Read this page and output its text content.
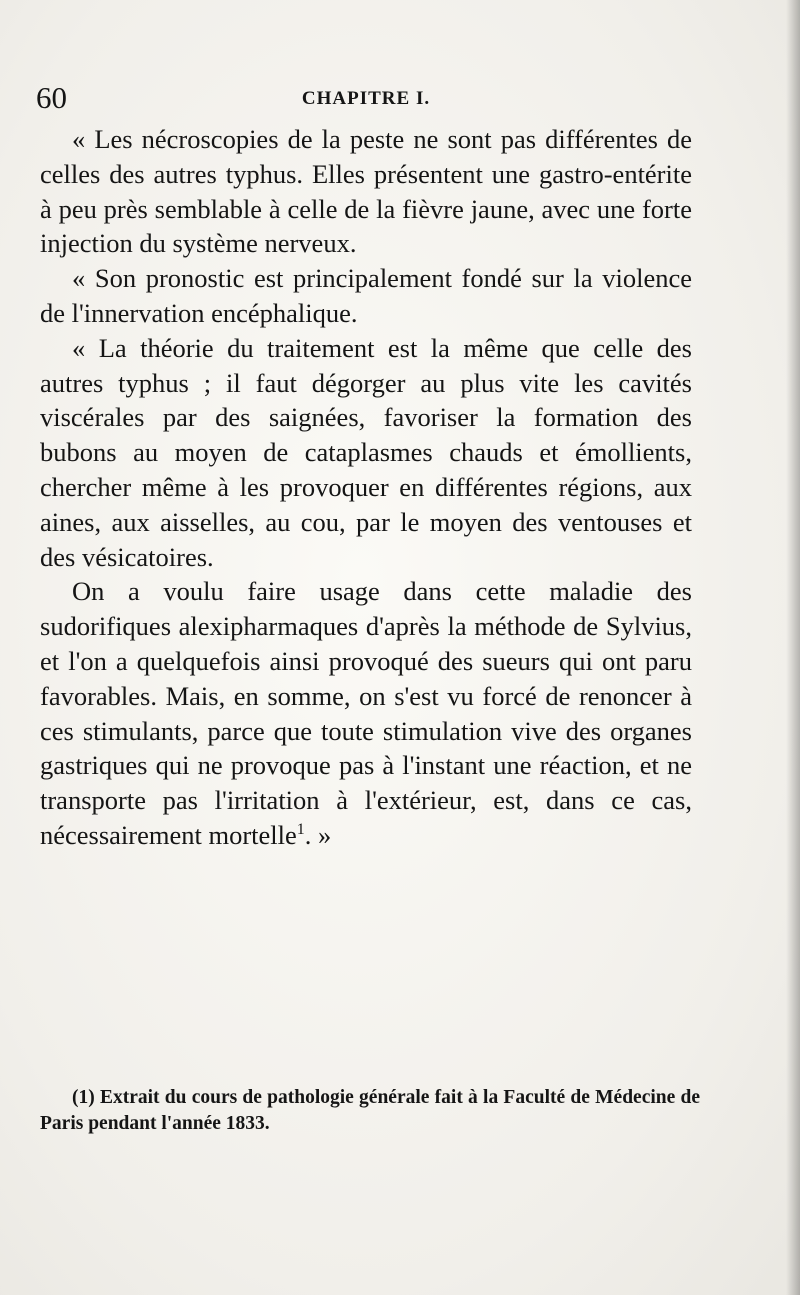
60	CHAPITRE I.

« Les nécroscopies de la peste ne sont pas différentes de celles des autres typhus. Elles présentent une gastro-entérite à peu près semblable à celle de la fièvre jaune, avec une forte injection du système nerveux.

« Son pronostic est principalement fondé sur la violence de l'innervation encéphalique.

« La théorie du traitement est la même que celle des autres typhus ; il faut dégorger au plus vite les cavités viscérales par des saignées, favoriser la formation des bubons au moyen de cataplasmes chauds et émollients, chercher même à les provoquer en différentes régions, aux aines, aux aisselles, au cou, par le moyen des ventouses et des vésicatoires.

On a voulu faire usage dans cette maladie des sudorifiques alexipharmaques d'après la méthode de Sylvius, et l'on a quelquefois ainsi provoqué des sueurs qui ont paru favorables. Mais, en somme, on s'est vu forcé de renoncer à ces stimulants, parce que toute stimulation vive des organes gastriques qui ne provoque pas à l'instant une réaction, et ne transporte pas l'irritation à l'extérieur, est, dans ce cas, nécessairement mortelle$^1$. »

(1) Extrait du cours de pathologie générale fait à la Faculté de Médecine de Paris pendant l'année 1833.
